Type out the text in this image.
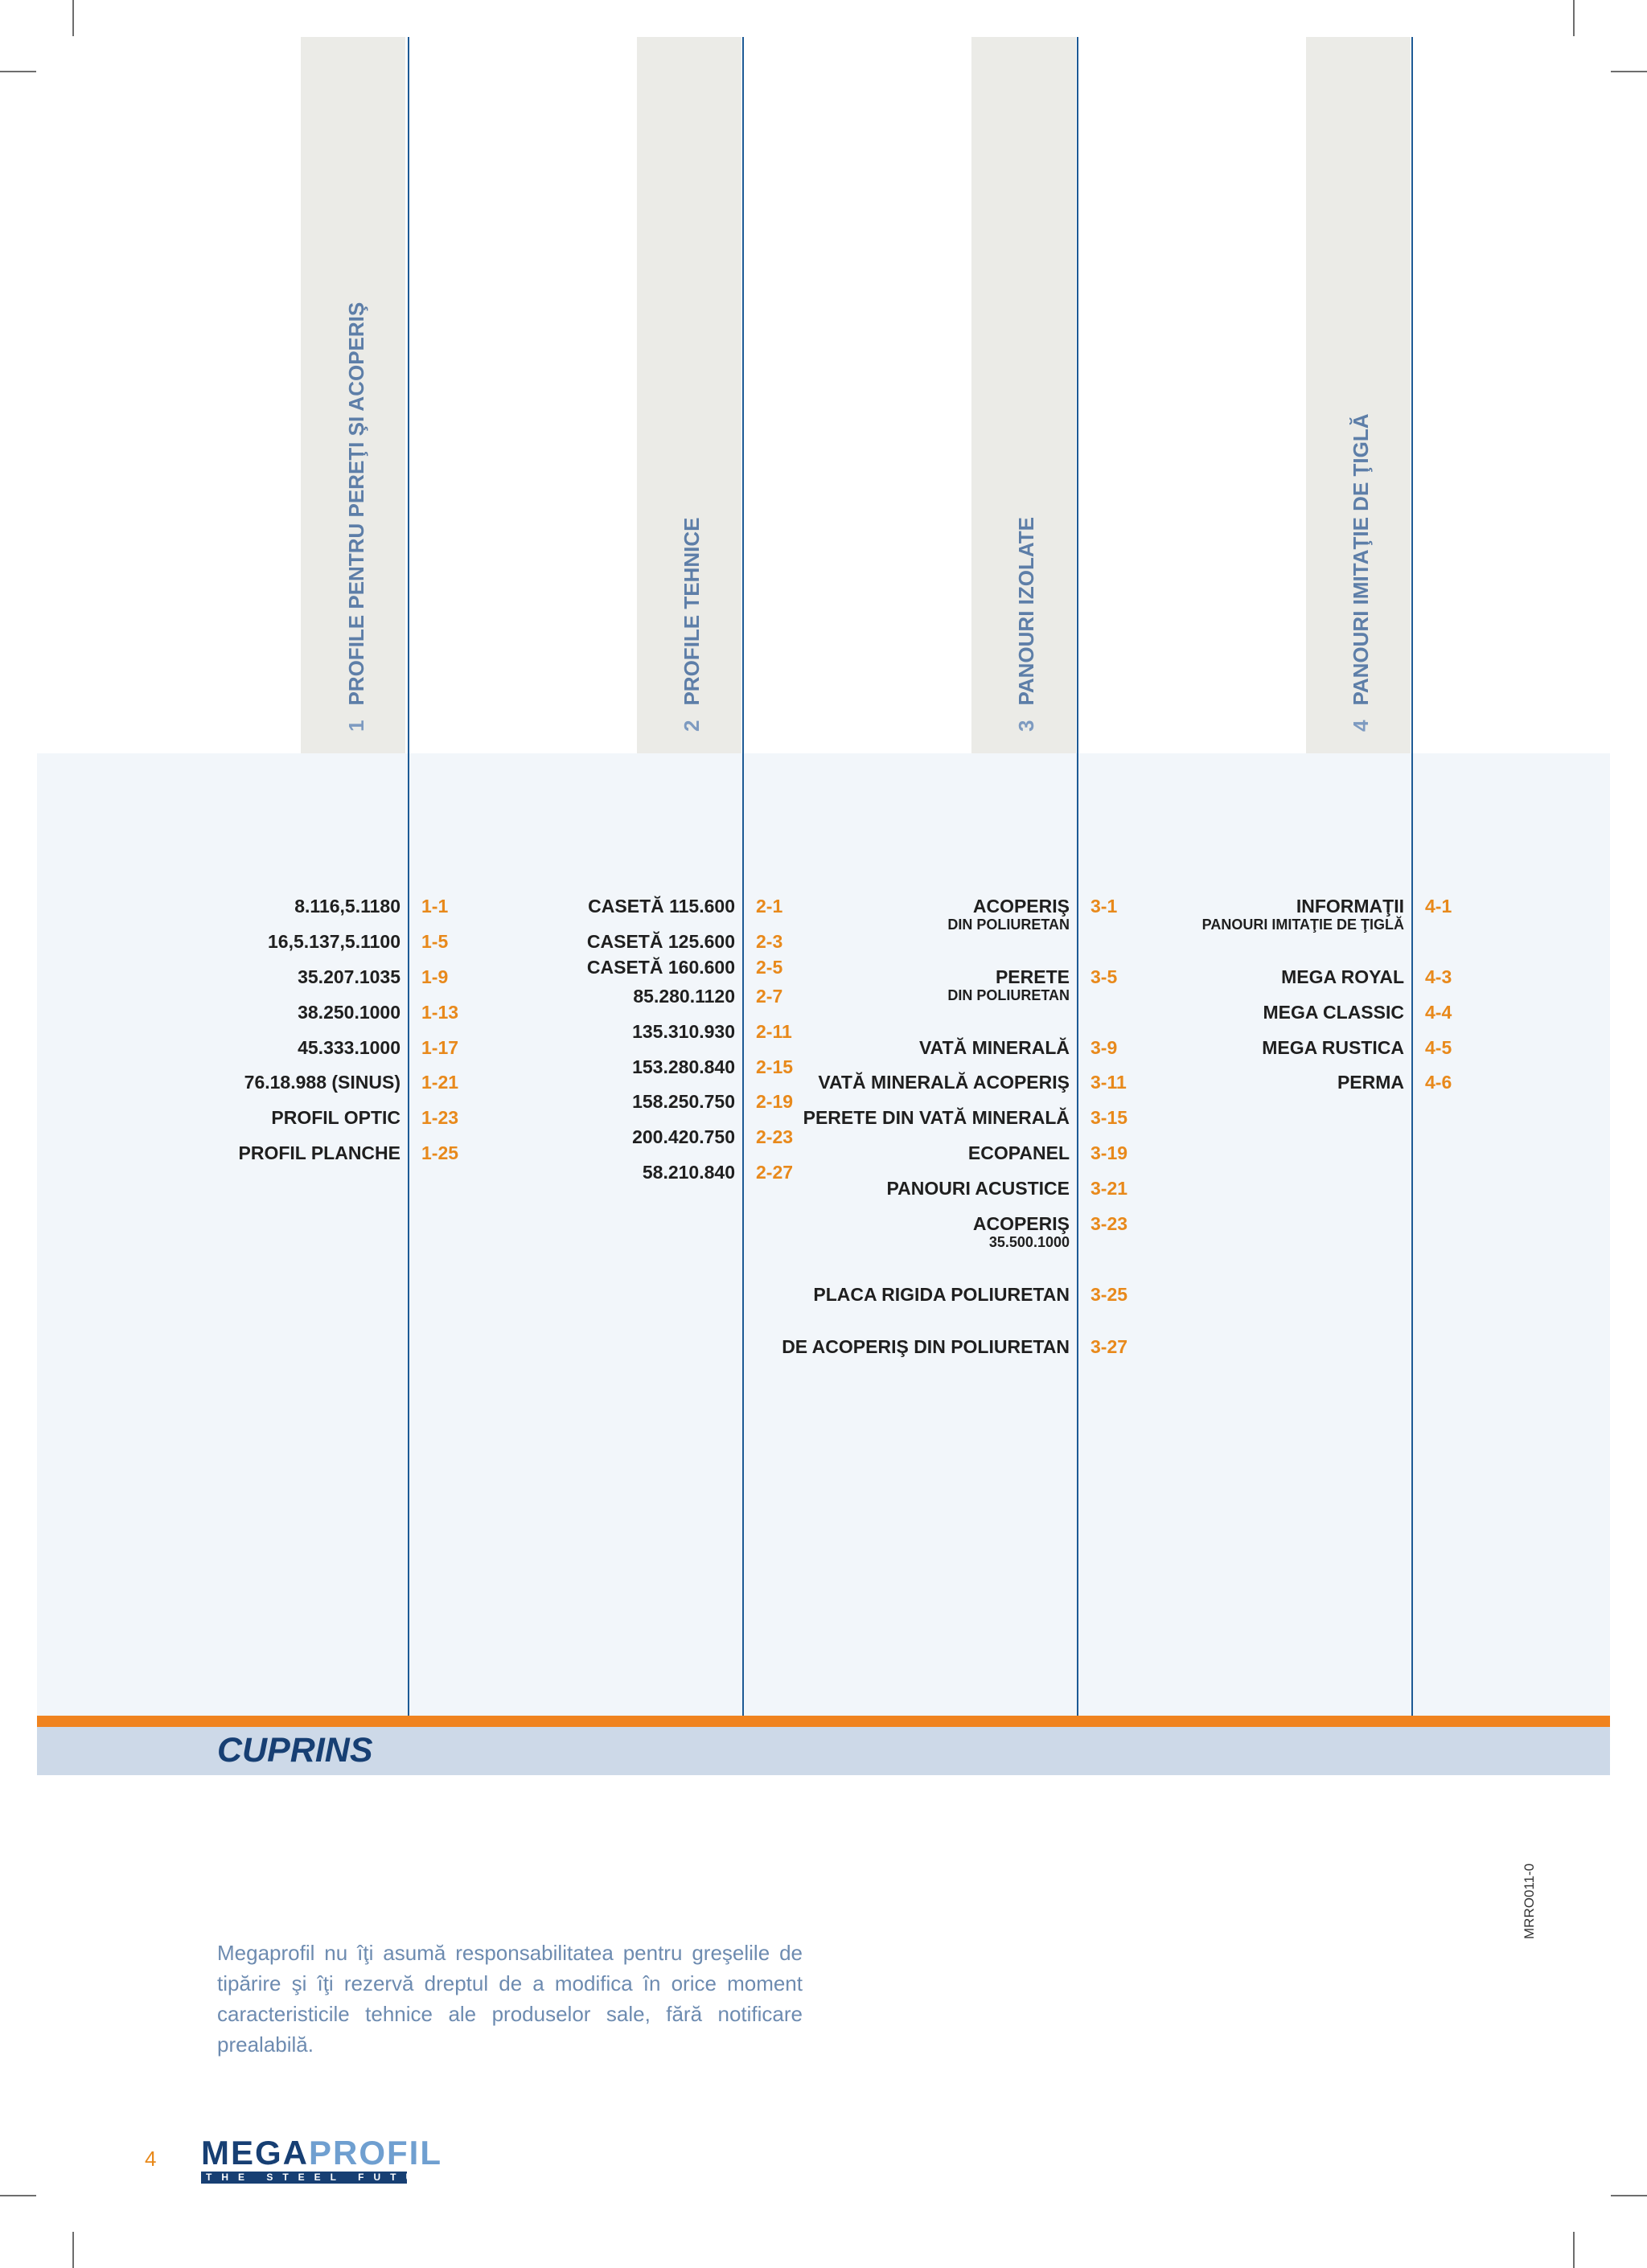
1PROFILE PENTRU PEREŢI ŞI ACOPERIŞ
2PROFILE TEHNICE
3PANOURI IZOLATE
4PANOURI IMITAŢIE DE ŢIGLĂ
8.116,5.1180 1-1
16,5.137,5.1100 1-5
35.207.1035 1-9
38.250.1000 1-13
45.333.1000 1-17
76.18.988 (SINUS) 1-21
PROFIL OPTIC 1-23
PROFIL PLANCHE 1-25
CASETĂ 115.600 2-1
CASETĂ 125.600 2-3
CASETĂ 160.600 2-5
85.280.1120 2-7
135.310.930 2-11
153.280.840 2-15
158.250.750 2-19
200.420.750 2-23
58.210.840 2-27
ACOPERIŞ
DIN POLIURETAN
3-1
PERETE
DIN POLIURETAN
3-5
VATĂ MINERALĂ 3-9
VATĂ MINERALĂ ACOPERIŞ 3-11
PERETE DIN VATĂ MINERALĂ 3-15
ECOPANEL 3-19
PANOURI ACUSTICE 3-21
ACOPERIŞ
35.500.1000
3-23
PLACA RIGIDA POLIURETAN 3-25
DE ACOPERIŞ DIN POLIURETAN 3-27
INFORMAŢII
PANOURI IMITAŢIE DE ŢIGLĂ
4-1
MEGA ROYAL 4-3
MEGA CLASSIC 4-4
MEGA RUSTICA 4-5
PERMA 4-6
CUPRINS
MRRO011-0
Megaprofil nu îţi asumă responsabilitatea pentru greşelile de tipărire şi îţi rezervă dreptul de a modifica în orice moment caracteristicile tehnice ale produselor sale, fără notificare prealabilă.
4 MEGAPROFIL
THE STEEL FUTURE
